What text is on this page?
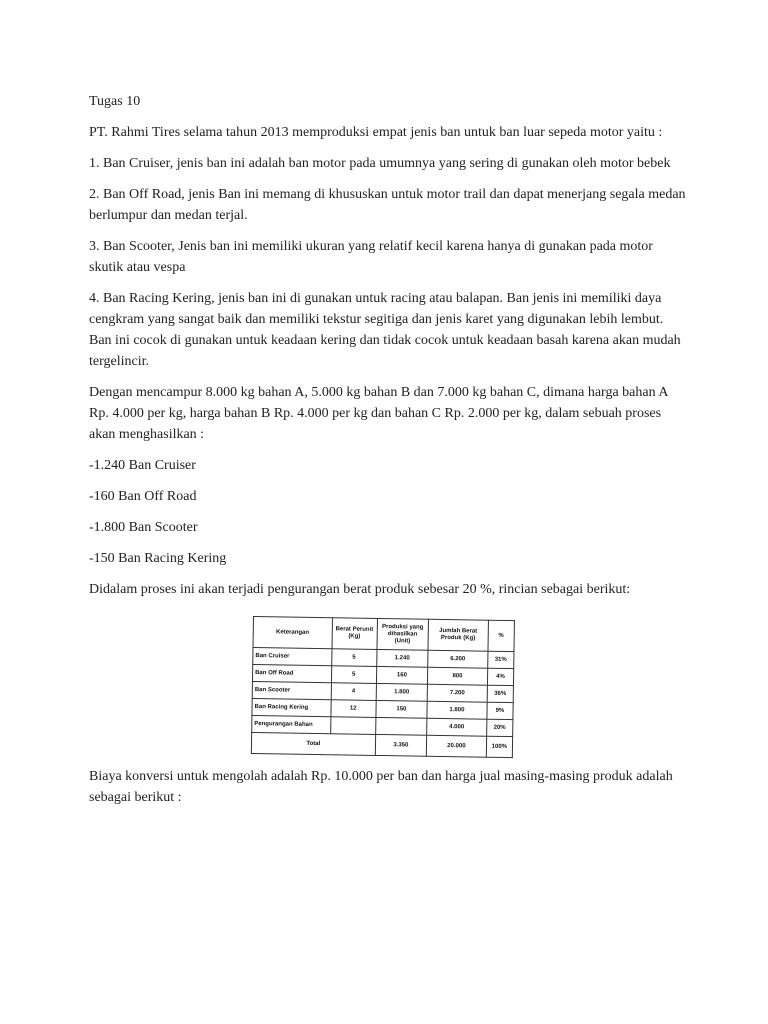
Tugas 10

PT. Rahmi Tires selama tahun 2013 memproduksi empat jenis ban untuk ban luar sepeda motor yaitu :

1. Ban Cruiser, jenis ban ini adalah ban motor pada umumnya yang sering di gunakan oleh motor bebek

2. Ban Off Road, jenis Ban ini memang di khususkan untuk motor trail dan dapat menerjang segala medan berlumpur dan medan terjal.

3. Ban Scooter, Jenis ban ini memiliki ukuran yang relatif kecil karena hanya di gunakan pada motor skutik atau vespa

4. Ban Racing Kering, jenis ban ini di gunakan untuk racing atau balapan. Ban jenis ini memiliki daya cengkram yang sangat baik dan memiliki tekstur segitiga dan jenis karet yang digunakan lebih lembut. Ban ini cocok di gunakan untuk keadaan kering dan tidak cocok untuk keadaan basah karena akan mudah tergelincir.

Dengan mencampur 8.000 kg bahan A, 5.000 kg bahan B dan 7.000 kg bahan C, dimana harga bahan A Rp. 4.000 per kg, harga bahan B Rp. 4.000 per kg dan bahan C Rp. 2.000 per kg, dalam sebuah proses akan menghasilkan :

-1.240 Ban Cruiser

-160 Ban Off Road

-1.800 Ban Scooter

-150 Ban Racing Kering

Didalam proses ini akan terjadi pengurangan berat produk sebesar 20 %, rincian sebagai berikut:

Keterangan	Berat Perunit (Kg)	Produksi yang dihasilkan (Unit)	Jumlah Berat Produk (Kg)	%
Ban Cruiser	5	1.240	6.200	31%
Ban Off Road	5	160	800	4%
Ban Scooter	4	1.800	7.200	36%
Ban Racing Kering	12	150	1.800	9%
Pengurangan Bahan			4.000	20%
Total		3.350	20.000	100%

Biaya konversi untuk mengolah adalah Rp. 10.000 per ban dan harga jual masing-masing produk adalah sebagai berikut :
